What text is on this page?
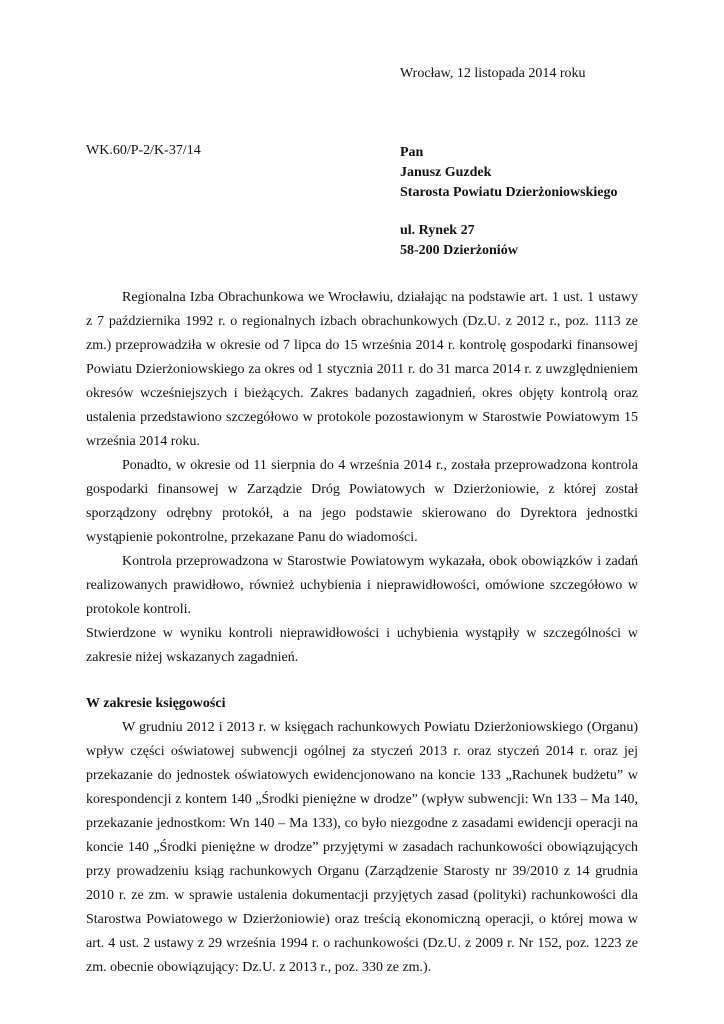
Wrocław, 12 listopada 2014 roku
WK.60/P-2/K-37/14	Pan
Janusz Guzdek
Starosta Powiatu Dzierżoniowskiego
ul. Rynek 27
58-200 Dzierżoniów

Regionalna Izba Obrachunkowa we Wrocławiu, działając na podstawie art. 1 ust. 1 ustawy z 7 października 1992 r. o regionalnych izbach obrachunkowych (Dz.U. z 2012 r., poz. 1113 ze zm.) przeprowadziła w okresie od 7 lipca do 15 września 2014 r. kontrolę gospodarki finansowej Powiatu Dzierżoniowskiego za okres od 1 stycznia 2011 r. do 31 marca 2014 r. z uwzględnieniem okresów wcześniejszych i bieżących. Zakres badanych zagadnień, okres objęty kontrolą oraz ustalenia przedstawiono szczegółowo w protokole pozostawionym w Starostwie Powiatowym 15 września 2014 roku.

Ponadto, w okresie od 11 sierpnia do 4 września 2014 r., została przeprowadzona kontrola gospodarki finansowej w Zarządzie Dróg Powiatowych w Dzierżoniowie, z której został sporządzony odrębny protokół, a na jego podstawie skierowano do Dyrektora jednostki wystąpienie pokontrolne, przekazane Panu do wiadomości.

Kontrola przeprowadzona w Starostwie Powiatowym wykazała, obok obowiązków i zadań realizowanych prawidłowo, również uchybienia i nieprawidłowości, omówione szczegółowo w protokole kontroli.

Stwierdzone w wyniku kontroli nieprawidłowości i uchybienia wystąpiły w szczególności w zakresie niżej wskazanych zagadnień.

W zakresie księgowości

W grudniu 2012 i 2013 r. w księgach rachunkowych Powiatu Dzierżoniowskiego (Organu) wpływ części oświatowej subwencji ogólnej za styczeń 2013 r. oraz styczeń 2014 r. oraz jej przekazanie do jednostek oświatowych ewidencjonowano na koncie 133 „Rachunek budżetu” w korespondencji z kontem 140 „Środki pieniężne w drodze” (wpływ subwencji: Wn 133 – Ma 140, przekazanie jednostkom: Wn 140 – Ma 133), co było niezgodne z zasadami ewidencji operacji na koncie 140 „Środki pieniężne w drodze” przyjętymi w zasadach rachunkowości obowiązujących przy prowadzeniu ksiąg rachunkowych Organu (Zarządzenie Starosty nr 39/2010 z 14 grudnia 2010 r. ze zm. w sprawie ustalenia dokumentacji przyjętych zasad (polityki) rachunkowości dla Starostwa Powiatowego w Dzierżoniowie) oraz treścią ekonomiczną operacji, o której mowa w art. 4 ust. 2 ustawy z 29 września 1994 r. o rachunkowości (Dz.U. z 2009 r. Nr 152, poz. 1223 ze zm. obecnie obowiązujący: Dz.U. z 2013 r., poz. 330 ze zm.).
